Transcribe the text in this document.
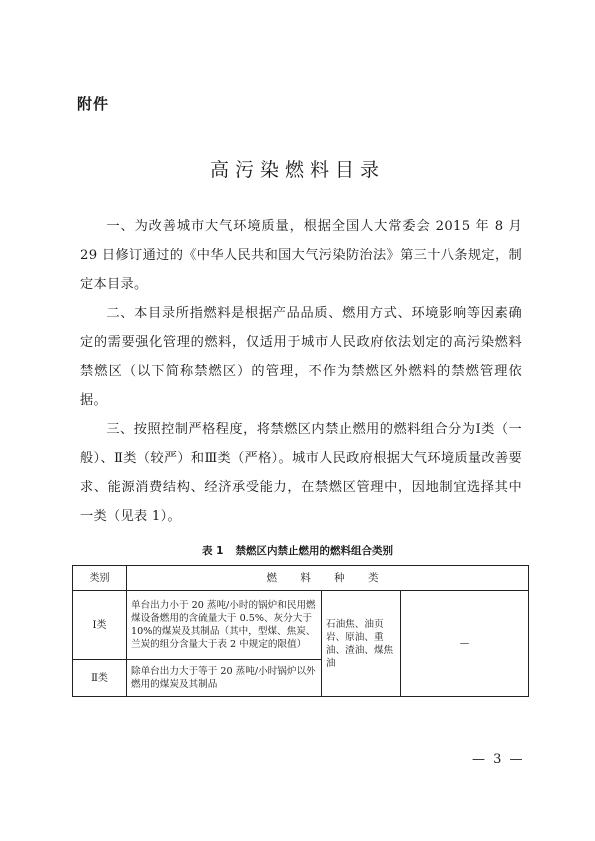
附件
高污染燃料目录

一、为改善城市大气环境质量，根据全国人大常委会 2015 年 8 月 29 日修订通过的《中华人民共和国大气污染防治法》第三十八条规定，制定本目录。

二、本目录所指燃料是根据产品品质、燃用方式、环境影响等因素确定的需要强化管理的燃料，仅适用于城市人民政府依法划定的高污染燃料禁燃区（以下简称禁燃区）的管理，不作为禁燃区外燃料的禁燃管理依据。

三、按照控制严格程度，将禁燃区内禁止燃用的燃料组合分为Ⅰ类（一般）、Ⅱ类（较严）和Ⅲ类（严格）。城市人民政府根据大气环境质量改善要求、能源消费结构、经济承受能力，在禁燃区管理中，因地制宜选择其中一类（见表 1）。

表 1 禁燃区内禁止燃用的燃料组合类别
类别	燃 料 种 类		
Ⅰ类	单台出力小于 20 蒸吨/小时的锅炉和民用燃煤设备燃用的含硫量大于 0.5%、灰分大于 10%的煤炭及其制品（其中，型煤、焦炭、兰炭的组分含量大于表 2 中规定的限值）	石油焦、油页岩、原油、重油、渣油、煤焦油	—
Ⅱ类	除单台出力大于等于 20 蒸吨/小时锅炉以外燃用的煤炭及其制品		
— 3 —
